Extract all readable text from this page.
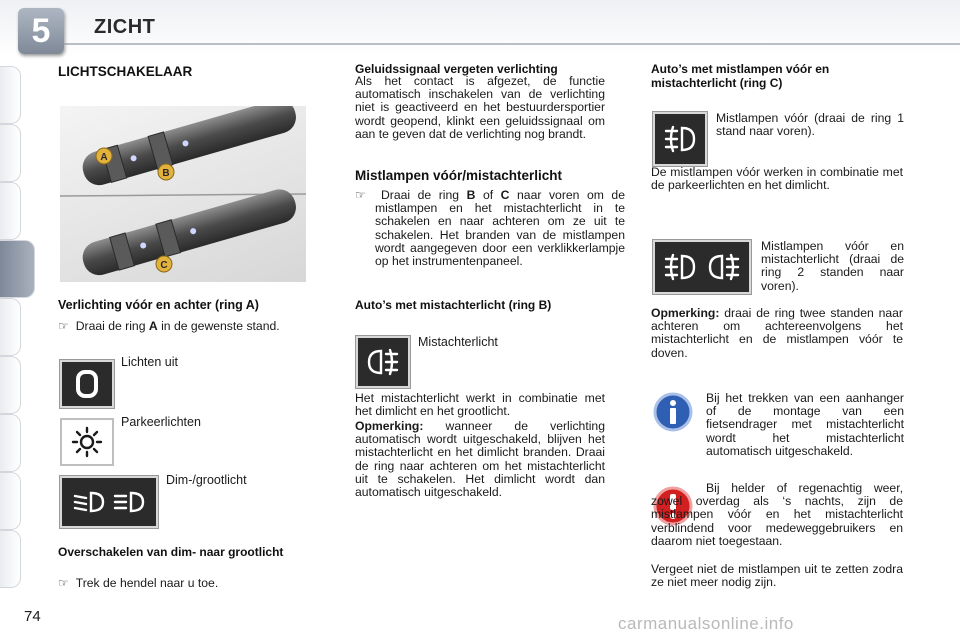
5	ZICHT
LICHTSCHAKELAAR
A
B
C
Verlichting vóór en achter (ring A)
☞  Draai de ring A in de gewenste stand.
Lichten uit
Parkeerlichten
Dim-/grootlicht
Overschakelen van dim- naar grootlicht
☞  Trek de hendel naar u toe.
Geluidssignaal vergeten verlichting
Als het contact is afgezet, de functie automatisch inschakelen van de verlichting niet is geactiveerd en het bestuurdersportier wordt geopend, klinkt een geluidssignaal om aan te geven dat de verlichting nog brandt.
Mistlampen vóór/mistachterlicht
☞  Draai de ring B of C naar voren om de mistlampen en het mistachterlicht in te schakelen en naar achteren om ze uit te schakelen. Het branden van de mistlampen wordt aangegeven door een verklikkerlampje op het instrumentenpaneel.
Auto’s met mistachterlicht (ring B)
Mistachterlicht
Het mistachterlicht werkt in combinatie met het dimlicht en het grootlicht.
Opmerking: wanneer de verlichting automatisch wordt uitgeschakeld, blijven het mistachterlicht en het dimlicht branden. Draai de ring naar achteren om het mistachterlicht uit te schakelen. Het dimlicht wordt dan automatisch uitgeschakeld.
Auto’s met mistlampen vóór en mistachterlicht (ring C)
Mistlampen vóór (draai de ring 1 stand naar voren).
De mistlampen vóór werken in combinatie met de parkeerlichten en het dimlicht.
Mistlampen vóór en mistachterlicht (draai de ring 2 standen naar voren).
Opmerking: draai de ring twee standen naar achteren om achtereenvolgens het mistachterlicht en de mistlampen vóór te doven.
Bij het trekken van een aanhanger of de montage van een fietsendrager met mistachterlicht wordt het mistachterlicht automatisch uitgeschakeld.
Bij helder of regenachtig weer, zowel overdag als ‘s nachts, zijn de mistlampen vóór en het mistachterlicht verblindend voor medeweggebruikers en daarom niet toegestaan.
Vergeet niet de mistlampen uit te zetten zodra ze niet meer nodig zijn.
74	carmanualsonline.info
